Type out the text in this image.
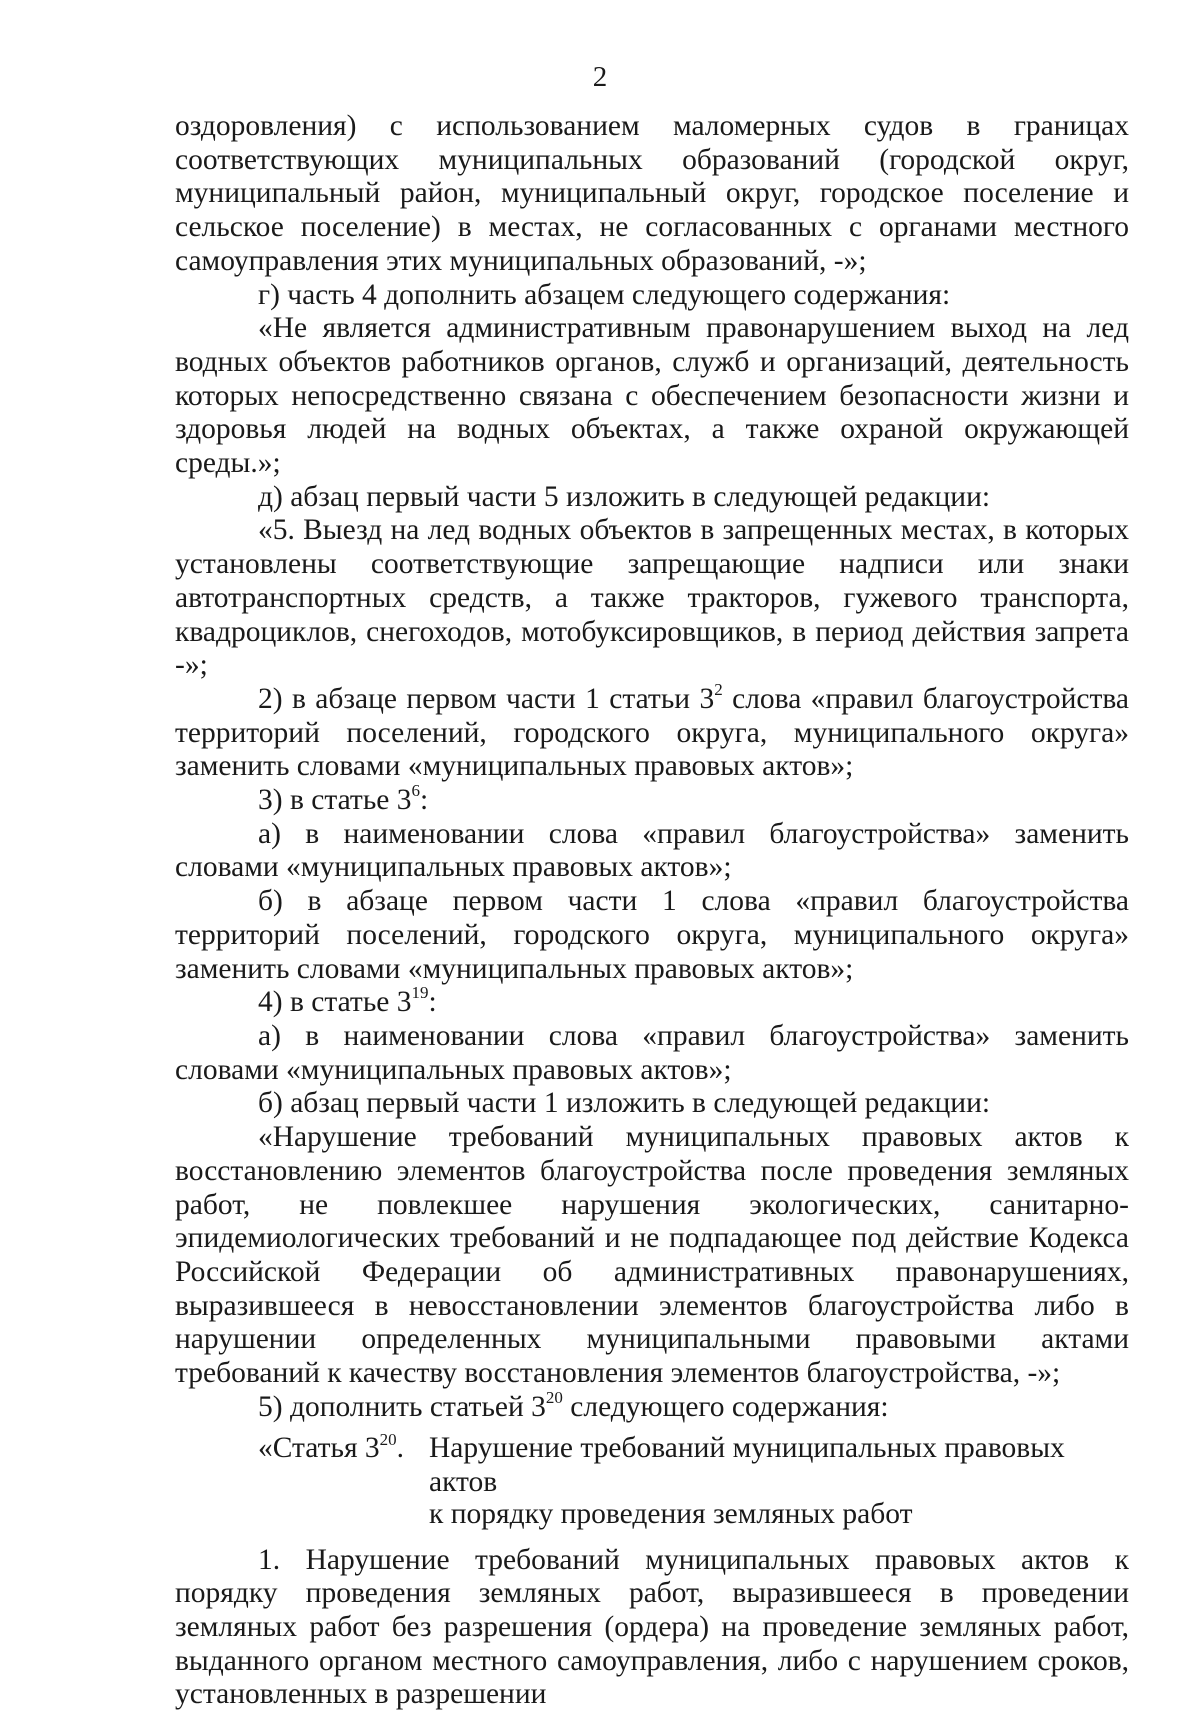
2

оздоровления) с использованием маломерных судов в границах соответствующих муниципальных образований (городской округ, муниципальный район, муниципальный округ, городское поселение и сельское поселение) в местах, не согласованных с органами местного самоуправления этих муниципальных образований, -»;

г) часть 4 дополнить абзацем следующего содержания:

«Не является административным правонарушением выход на лед водных объектов работников органов, служб и организаций, деятельность которых непосредственно связана с обеспечением безопасности жизни и здоровья людей на водных объектах, а также охраной окружающей среды.»;

д) абзац первый части 5 изложить в следующей редакции:

«5. Выезд на лед водных объектов в запрещенных местах, в которых установлены соответствующие запрещающие надписи или знаки автотранспортных средств, а также тракторов, гужевого транспорта, квадроциклов, снегоходов, мотобуксировщиков, в период действия запрета -»;

2) в абзаце первом части 1 статьи $3^2$ слова «правил благоустройства территорий поселений, городского округа, муниципального округа» заменить словами «муниципальных правовых актов»;

3) в статье $3^6$:

а) в наименовании слова «правил благоустройства» заменить словами «муниципальных правовых актов»;

б) в абзаце первом части 1 слова «правил благоустройства территорий поселений, городского округа, муниципального округа» заменить словами «муниципальных правовых актов»;

4) в статье $3^{19}$:

а) в наименовании слова «правил благоустройства» заменить словами «муниципальных правовых актов»;

б) абзац первый части 1 изложить в следующей редакции:

«Нарушение требований муниципальных правовых актов к восстановлению элементов благоустройства после проведения земляных работ, не повлекшее нарушения экологических, санитарно-эпидемиологических требований и не подпадающее под действие Кодекса Российской Федерации об административных правонарушениях, выразившееся в невосстановлении элементов благоустройства либо в нарушении определенных муниципальными правовыми актами требований к качеству восстановления элементов благоустройства, -»;

5) дополнить статьей $3^{20}$ следующего содержания:

«Статья $3^{20}$. Нарушение требований муниципальных правовых актов
к порядку проведения земляных работ

1. Нарушение требований муниципальных правовых актов к порядку проведения земляных работ, выразившееся в проведении земляных работ без разрешения (ордера) на проведение земляных работ, выданного органом местного самоуправления, либо с нарушением сроков, установленных в разрешении
